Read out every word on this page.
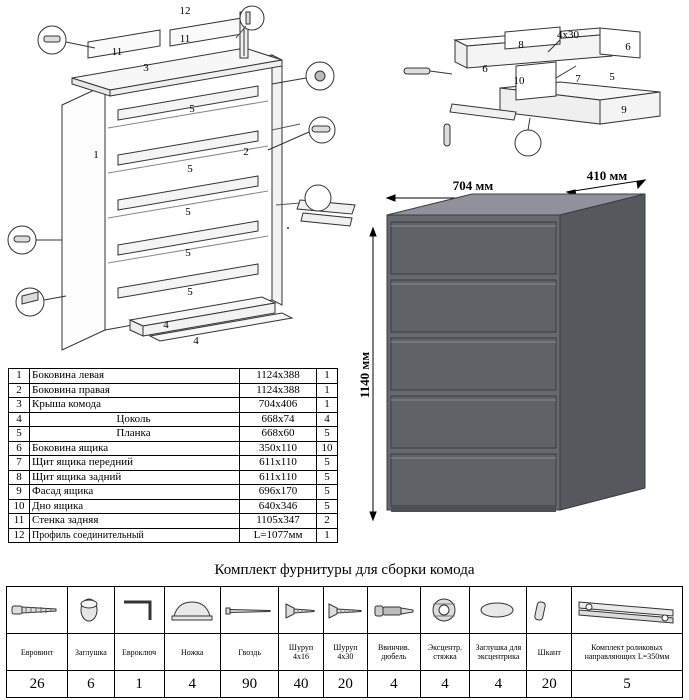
12
11
11
3
5
1	2
5
5
5
5
4
4
8
4x30
6
6
10	7	5
9
704 мм
410 мм
1140 мм
1	Боковина левая	1124х388	1
2	Боковина правая	1124х388	1
3	Крыша комода	704х406	1
4	Цоколь	668х74	4
5	Планка	668х60	5
6	Боковина ящика	350х110	10
7	Щит ящика передний	611х110	5
8	Щит ящика задний	611х110	5
9	Фасад ящика	696х170	5
10	Дно ящика	640х346	5
11	Стенка задняя	1105х347	2
12	Профиль соединительный	L=1077мм	1
Комплект фурнитуры для сборки комода

Евровинт	Заглушка	Евроключ	Ножка	Гвоздь	Шуруп 4х16	Шуруп 4х30	Ввинчив. дюбель	Эксцентр. стяжка	Заглушка для эксцентрика	Шкант	Комплект роликовых направляющих L=350мм
26	6	1	4	90	40	20	4	4	4	20	5
